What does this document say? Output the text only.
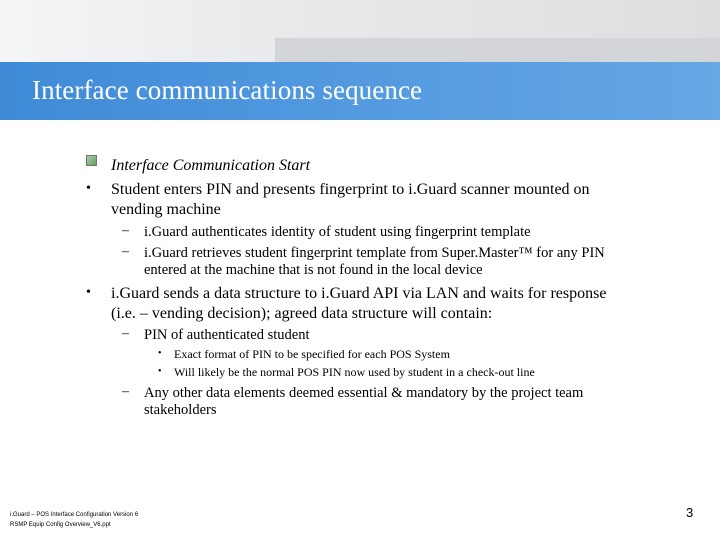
Interface communications sequence
Interface Communication Start
• Student enters PIN and presents fingerprint to i.Guard scanner mounted on
vending machine
– i.Guard authenticates identity of student using fingerprint template
– i.Guard retrieves student fingerprint template from Super.Master™ for any PIN
entered at the machine that is not found in the local device
• i.Guard sends a data structure to i.Guard API via LAN and waits for response
(i.e. – vending decision); agreed data structure will contain:
– PIN of authenticated student
• Exact format of PIN to be specified for each POS System
• Will likely be the normal POS PIN now used by student in a check-out line
– Any other data elements deemed essential & mandatory by the project team
stakeholders
i.Guard – POS Interface Configuration Version 6
RSMP Equip Config Overview_V6.ppt
3
